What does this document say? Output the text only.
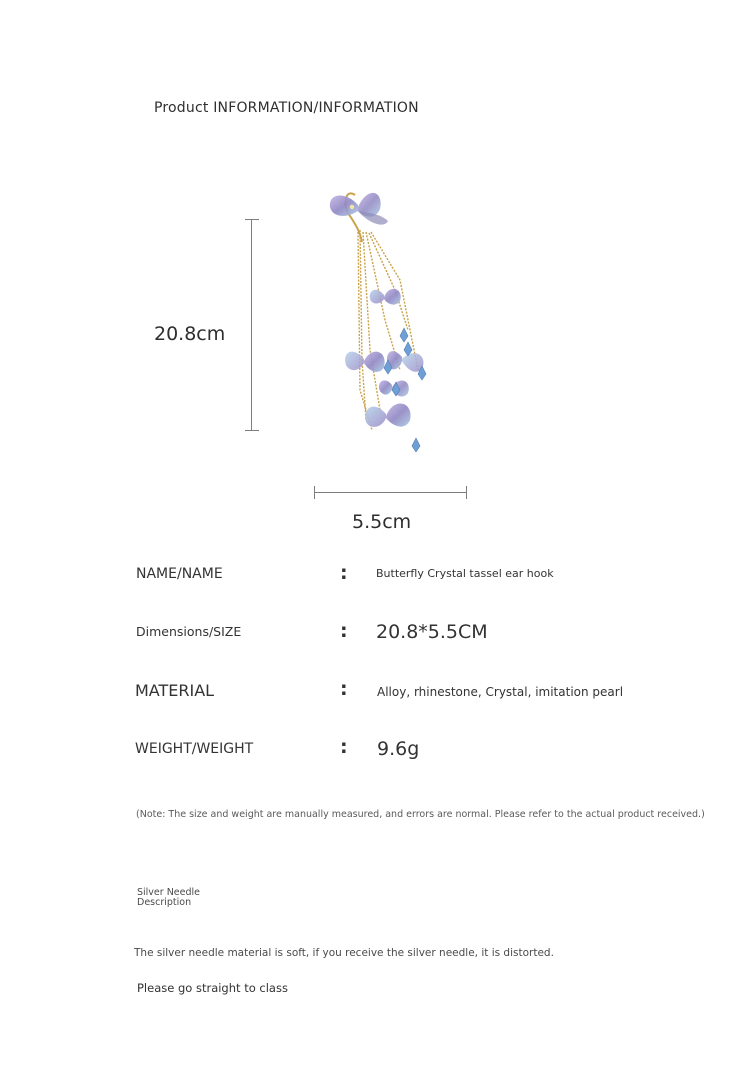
Product INFORMATION/INFORMATION
20.8cm
5.5cm
NAME/NAME	:	Butterfly Crystal tassel ear hook
Dimensions/SIZE	: 20.8*5.5CM
MATERIAL	: Alloy, rhinestone, Crystal, imitation pearl
WEIGHT/WEIGHT	: 9.6g
(Note: The size and weight are manually measured, and errors are normal. Please refer to the actual product received.)
Silver Needle Description
The silver needle material is soft, if you receive the silver needle, it is distorted.
Please go straight to class
